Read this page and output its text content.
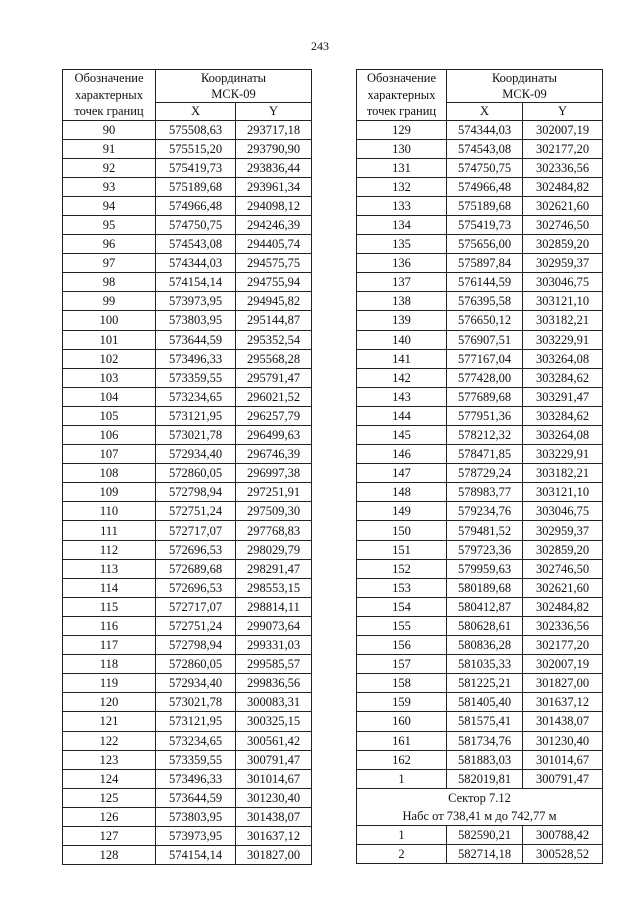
243
Обозначение
характерных
точек границ	Координаты
МСК-09	
	X	Y
90	575508,63	293717,18
91	575515,20	293790,90
92	575419,73	293836,44
93	575189,68	293961,34
94	574966,48	294098,12
95	574750,75	294246,39
96	574543,08	294405,74
97	574344,03	294575,75
98	574154,14	294755,94
99	573973,95	294945,82
100	573803,95	295144,87
101	573644,59	295352,54
102	573496,33	295568,28
103	573359,55	295791,47
104	573234,65	296021,52
105	573121,95	296257,79
106	573021,78	296499,63
107	572934,40	296746,39
108	572860,05	296997,38
109	572798,94	297251,91
110	572751,24	297509,30
111	572717,07	297768,83
112	572696,53	298029,79
113	572689,68	298291,47
114	572696,53	298553,15
115	572717,07	298814,11
116	572751,24	299073,64
117	572798,94	299331,03
118	572860,05	299585,57
119	572934,40	299836,56
120	573021,78	300083,31
121	573121,95	300325,15
122	573234,65	300561,42
123	573359,55	300791,47
124	573496,33	301014,67
125	573644,59	301230,40
126	573803,95	301438,07
127	573973,95	301637,12
128	574154,14	301827,00
Обозначение
характерных
точек границ	Координаты
МСК-09	
	X	Y
129	574344,03	302007,19
130	574543,08	302177,20
131	574750,75	302336,56
132	574966,48	302484,82
133	575189,68	302621,60
134	575419,73	302746,50
135	575656,00	302859,20
136	575897,84	302959,37
137	576144,59	303046,75
138	576395,58	303121,10
139	576650,12	303182,21
140	576907,51	303229,91
141	577167,04	303264,08
142	577428,00	303284,62
143	577689,68	303291,47
144	577951,36	303284,62
145	578212,32	303264,08
146	578471,85	303229,91
147	578729,24	303182,21
148	578983,77	303121,10
149	579234,76	303046,75
150	579481,52	302959,37
151	579723,36	302859,20
152	579959,63	302746,50
153	580189,68	302621,60
154	580412,87	302484,82
155	580628,61	302336,56
156	580836,28	302177,20
157	581035,33	302007,19
158	581225,21	301827,00
159	581405,40	301637,12
160	581575,41	301438,07
161	581734,76	301230,40
162	581883,03	301014,67
1	582019,81	300791,47

Сектор 7.12
Набс от 738,41 м до 742,77 м		

1	582590,21	300788,42
2	582714,18	300528,52
